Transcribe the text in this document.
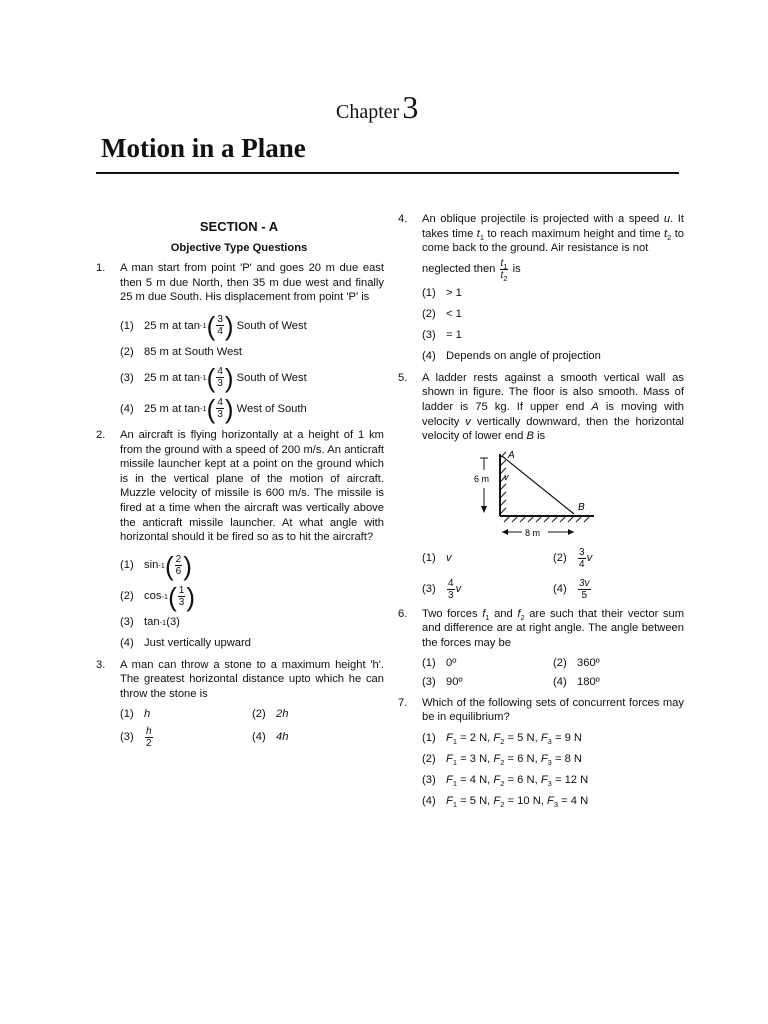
Chapter 3
Motion in a Plane
SECTION - A
Objective Type Questions
1. A man start from point 'P' and goes 20 m due east then 5 m due North, then 35 m due west and finally 25 m due South. His displacement from point 'P' is
(1) 25 m at tan -1 ( $\frac{3}{4}$ )
South of West
(2) 85 m at South West
(3) 25 m at tan -1 ( $\frac{4}{3}$ )
South of West
(4) 25 m at tan -1 ( $\frac{4}{3}$ )
West of South
2. An aircraft is flying horizontally at a height of 1 km from the ground with a speed of 200 m/s. An anticraft missile launcher kept at a point on the ground which is in the vertical plane of the motion of aircraft. Muzzle velocity of missile is 600 m/s. The missile is fired at a time when the aircraft was vertically above the anticraft missile launcher. At what angle with horizontal should it be fired so as to hit the aircraft?
(1) sin -1 ( $\frac{2}{6}$ )
(2) cos -1 ( $\frac{1}{3}$ )
(3) tan -1 (3)
(4) Just vertically upward
3. A man can throw a stone to a maximum height 'h'. The greatest horizontal distance upto which he can throw the stone is
(1) h	(2) 2h
(3)	$\frac{h}{2}$	(4) 4h
4. An oblique projectile is projected with a speed u. It takes time $t_1$ to reach maximum height and time $t_2$ to come back to the ground. Air resistance is not
neglected then
$\frac{t_1}{t_2}$
is
(1) > 1
(2) < 1
(3) = 1
(4) Depends on angle of projection
5. A ladder rests against a smooth vertical wall as shown in figure. The floor is also smooth. Mass of ladder is 75 kg. If upper end A is moving with velocity v vertically downward, then the horizontal velocity of lower end B is
A
B
v
6 m
8 m
(1) v	(2)	$\frac{3}{4}$ v
(3)	$\frac{4}{3}$ v	(4)	$\frac{3v}{5}$
6. Two forces $f_1$ and $f_2$ are such that their vector sum and difference are at right angle. The angle between the forces may be
(1) 0º	(2) 360º
(3) 90º	(4) 180º
7. Which of the following sets of concurrent forces may be in equilibrium?
(1) $F_1 = 2$ N, $F_2 = 5$ N, $F_3 = 9$ N
(2) $F_1 = 3$ N, $F_2 = 6$ N, $F_3 = 8$ N
(3) $F_1 = 4$ N, $F_2 = 6$ N, $F_3 = 12$ N
(4) $F_1 = 5$ N, $F_2 = 10$ N, $F_3 = 4$ N
